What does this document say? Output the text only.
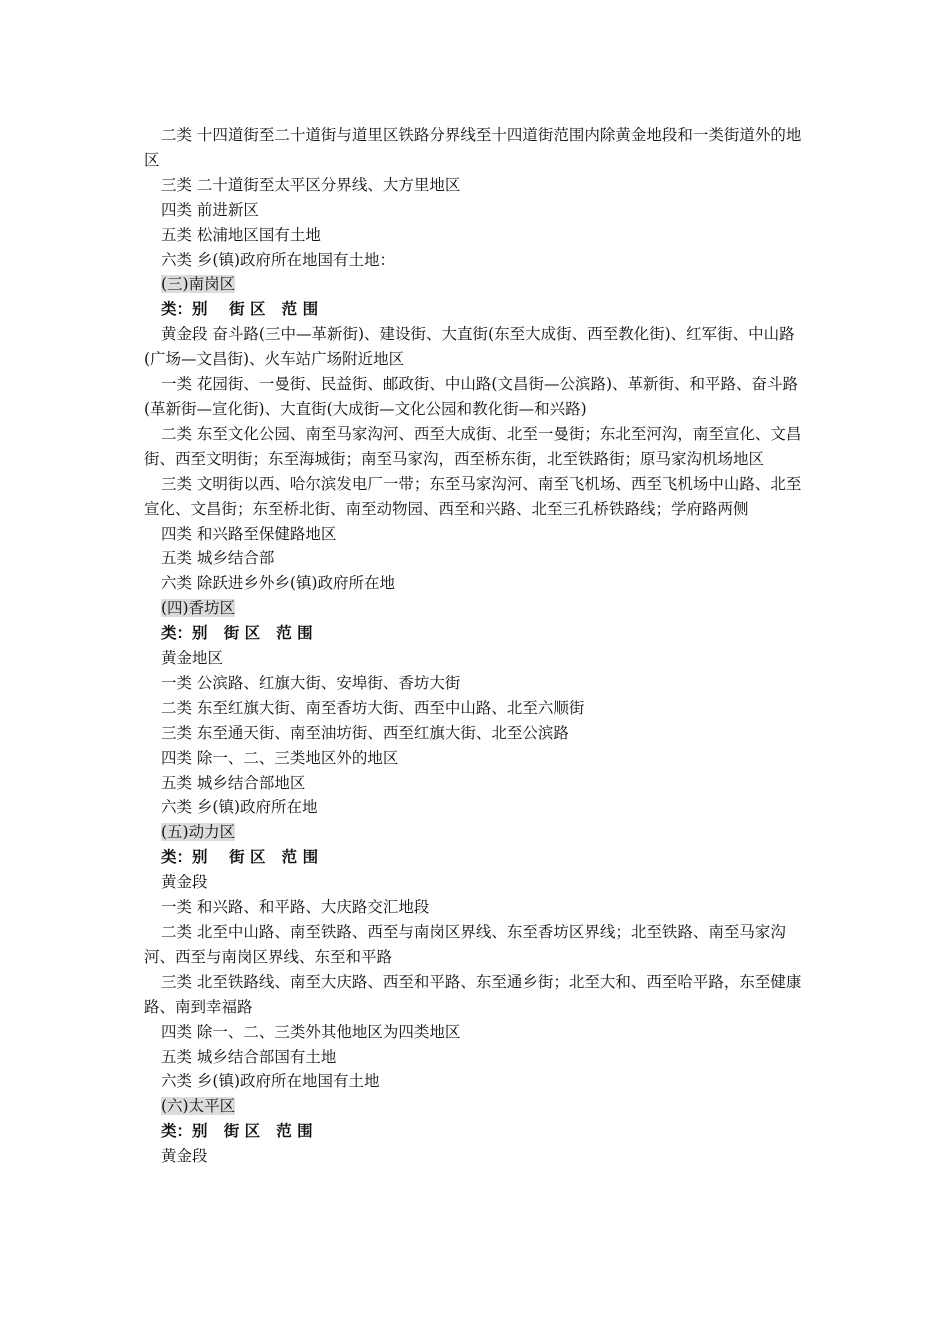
二类 十四道街至二十道街与道里区铁路分界线至十四道街范围内除黄金地段和一类街道外的地区

三类 二十道街至太平区分界线、大方里地区

四类 前进新区

五类 松浦地区国有土地

六类 乡(镇)政府所在地国有土地：

(三)南岗区

类：别    街 区   范 围

黄金段 奋斗路(三中—革新街)、建设街、大直街(东至大成街、西至教化街)、红军街、中山路(广场—文昌街)、火车站广场附近地区

一类 花园街、一曼街、民益街、邮政街、中山路(文昌街—公滨路)、革新街、和平路、奋斗路(革新街—宣化街)、大直街(大成街—文化公园和教化街—和兴路)

二类 东至文化公园、南至马家沟河、西至大成街、北至一曼街；东北至河沟，南至宣化、文昌街、西至文明街；东至海城街；南至马家沟，西至桥东街，北至铁路街；原马家沟机场地区

三类 文明街以西、哈尔滨发电厂一带；东至马家沟河、南至飞机场、西至飞机场中山路、北至宣化、文昌街；东至桥北街、南至动物园、西至和兴路、北至三孔桥铁路线；学府路两侧

四类 和兴路至保健路地区

五类 城乡结合部

六类 除跃进乡外乡(镇)政府所在地

(四)香坊区

类：别   街 区   范 围

黄金地区

一类 公滨路、红旗大街、安埠街、香坊大街

二类 东至红旗大街、南至香坊大街、西至中山路、北至六顺街

三类 东至通天街、南至油坊街、西至红旗大街、北至公滨路

四类 除一、二、三类地区外的地区

五类 城乡结合部地区

六类 乡(镇)政府所在地

(五)动力区

类：别    街 区   范 围

黄金段

一类 和兴路、和平路、大庆路交汇地段

二类 北至中山路、南至铁路、西至与南岗区界线、东至香坊区界线；北至铁路、南至马家沟河、西至与南岗区界线、东至和平路

三类 北至铁路线、南至大庆路、西至和平路、东至通乡街；北至大和、西至哈平路，东至健康路、南到幸福路

四类 除一、二、三类外其他地区为四类地区

五类 城乡结合部国有土地

六类 乡(镇)政府所在地国有土地

(六)太平区

类：别   街 区   范 围

黄金段
